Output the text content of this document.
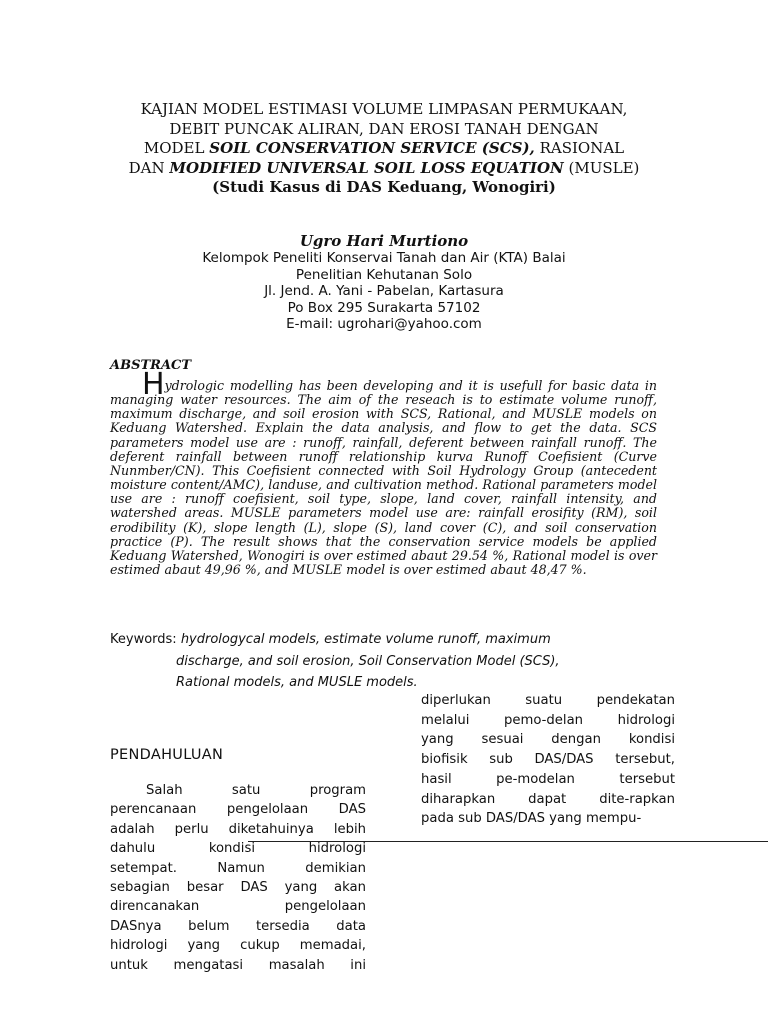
KAJIAN MODEL ESTIMASI VOLUME LIMPASAN PERMUKAAN,
DEBIT PUNCAK ALIRAN, DAN EROSI TANAH DENGAN
MODEL SOIL CONSERVATION SERVICE (SCS), RASIONAL
DAN MODIFIED UNIVERSAL SOIL LOSS EQUATION (MUSLE)
(Studi Kasus di DAS Keduang, Wonogiri)
Ugro Hari Murtiono
Kelompok Peneliti Konservai Tanah dan Air (KTA) Balai
Penelitian Kehutanan Solo
Jl. Jend. A. Yani - Pabelan, Kartasura
Po Box 295 Surakarta 57102
E-mail: ugrohari@yahoo.com
ABSTRACT

Hydrologic modelling has been developing and it is usefull for basic data in managing water resources. The aim of the reseach is to estimate volume runoff, maximum discharge, and soil erosion with SCS, Rational, and MUSLE models on Keduang Watershed. Explain the data analysis, and flow to get the data. SCS parameters model use are : runoff, rainfall, deferent between rainfall runoff. The deferent rainfall between runoff relationship kurva Runoff Coefisient (Curve Nunmber/CN). This Coefisient connected with Soil Hydrology Group (antecedent moisture content/AMC), landuse, and cultivation method. Rational parameters model use are : runoff coefisient, soil type, slope, land cover, rainfall intensity, and watershed areas. MUSLE parameters model use are: rainfall erosifity (RM), soil erodibility (K), slope length (L), slope (S), land cover (C), and soil conservation practice (P). The result shows that the conservation service models be applied Keduang Watershed, Wonogiri is over estimed abaut 29.54 %, Rational model is over estimed abaut 49,96 %, and MUSLE model is over estimed abaut 48,47 %.

Keywords: hydrologycal models, estimate volume runoff, maximum
discharge, and soil erosion, Soil Conservation Model (SCS),
Rational models, and MUSLE models.
diperlukan suatu pendekatan
melalui pemo-delan hidrologi
yang sesuai dengan kondisi
biofisik sub DAS/DAS tersebut,
hasil pe-modelan tersebut
diharapkan dapat dite-rapkan
pada sub DAS/DAS yang mempu-
PENDAHULUAN
Salah satu program
perencanaan pengelolaan DAS
adalah perlu diketahuinya lebih
dahulu kondisi hidrologi
setempat. Namun demikian
sebagian besar DAS yang akan
direncanakan pengelolaan
DASnya belum tersedia data
hidrologi yang cukup memadai,
untuk mengatasi masalah ini
